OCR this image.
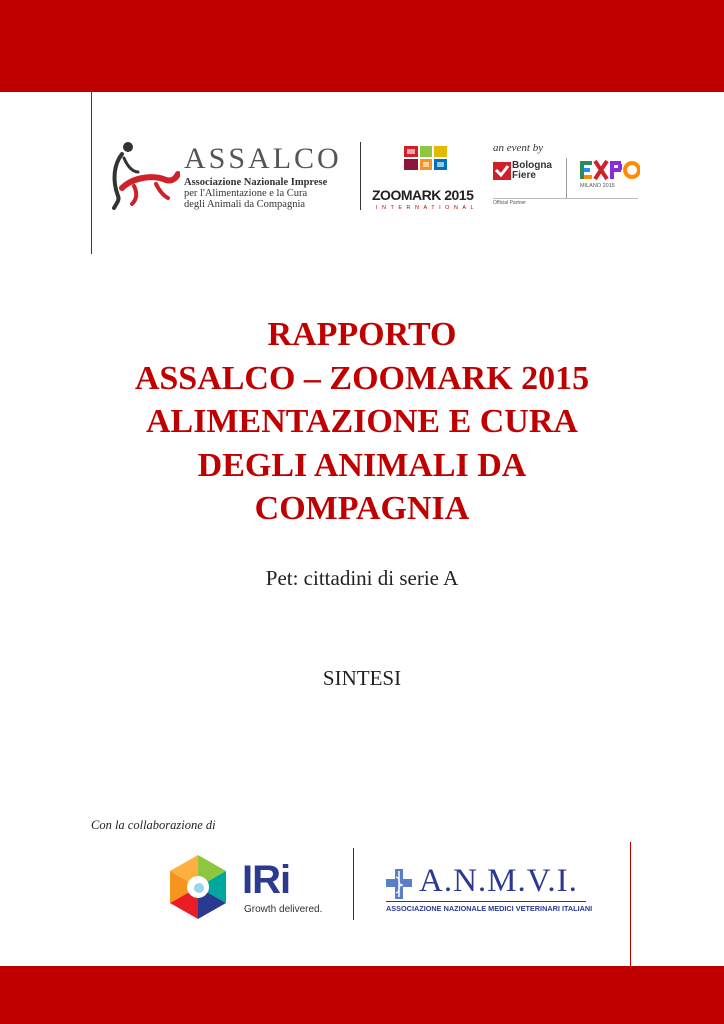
ASSALCO
Associazione Nazionale Imprese
per l'Alimentazione e la Cura
degli Animali da Compagnia
ZOOMARK 2015
INTERNATIONAL
an event by
Bologna
Fiere
Official Partner
MILANO 2015
RAPPORTO
ASSALCO – ZOOMARK 2015
ALIMENTAZIONE E CURA
DEGLI ANIMALI DA
COMPAGNIA
Pet: cittadini di serie A
SINTESI
Con la collaborazione di
IRi
Growth delivered.
A.N.M.V.I.
ASSOCIAZIONE NAZIONALE MEDICI VETERINARI ITALIANI
